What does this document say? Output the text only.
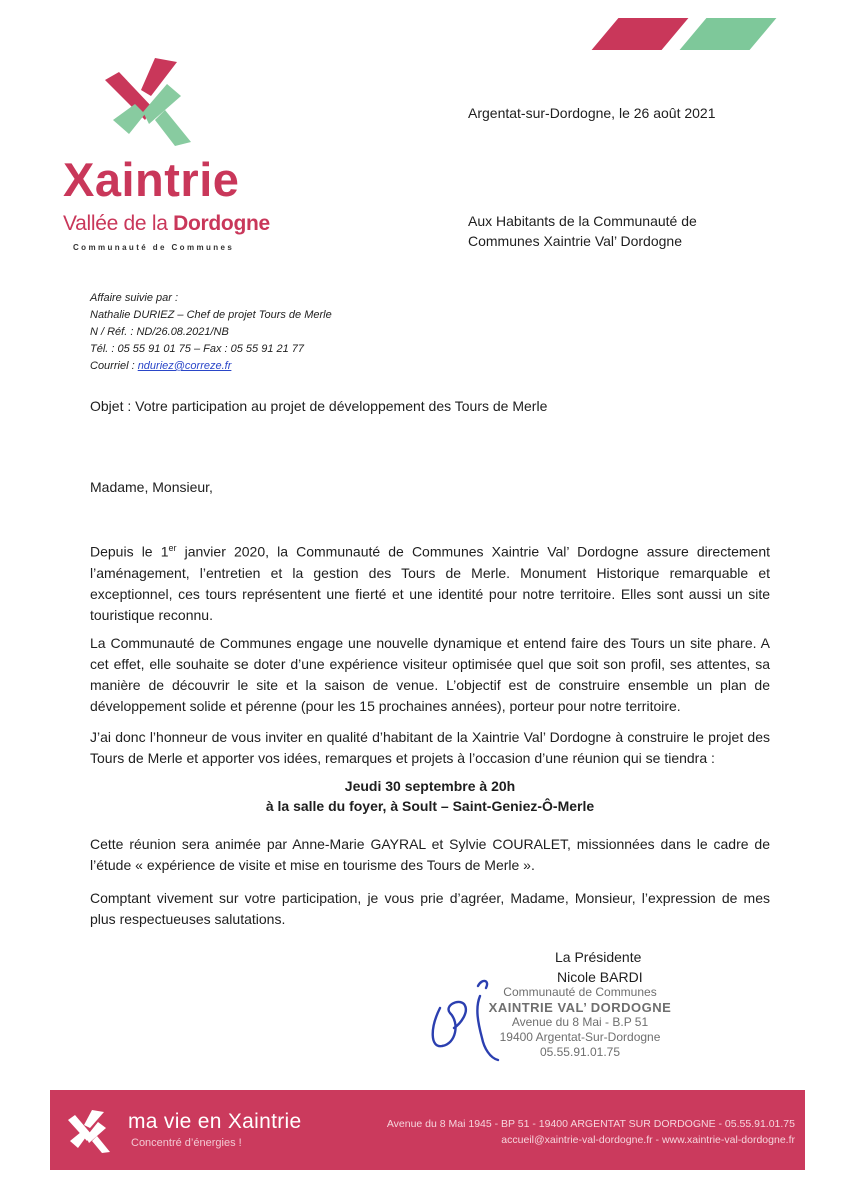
Xaintrie
Vallée de la Dordogne
Communauté de Communes
Argentat-sur-Dordogne, le 26 août 2021
Aux Habitants de la Communauté de
Communes Xaintrie Val’ Dordogne
Affaire suivie par :
Nathalie DURIEZ – Chef de projet Tours de Merle
N / Réf. : ND/26.08.2021/NB
Tél. : 05 55 91 01 75 – Fax : 05 55 91 21 77
Courriel : nduriez@correze.fr
Objet : Votre participation au projet de développement des Tours de Merle
Madame, Monsieur,
Depuis le 1er janvier 2020, la Communauté de Communes Xaintrie Val’ Dordogne assure directement l’aménagement, l’entretien et la gestion des Tours de Merle. Monument Historique remarquable et exceptionnel, ces tours représentent une fierté et une identité pour notre territoire. Elles sont aussi un site touristique reconnu.
La Communauté de Communes engage une nouvelle dynamique et entend faire des Tours un site phare. A cet effet, elle souhaite se doter d’une expérience visiteur optimisée quel que soit son profil, ses attentes, sa manière de découvrir le site et la saison de venue. L’objectif est de construire ensemble un plan de développement solide et pérenne (pour les 15 prochaines années), porteur pour notre territoire.
J’ai donc l’honneur de vous inviter en qualité d’habitant de la Xaintrie Val’ Dordogne à construire le projet des Tours de Merle et apporter vos idées, remarques et projets à l’occasion d’une réunion qui se tiendra :
Jeudi 30 septembre à 20h
à la salle du foyer, à Soult – Saint-Geniez-Ô-Merle
Cette réunion sera animée par Anne-Marie GAYRAL et Sylvie COURALET, missionnées dans le cadre de l’étude « expérience de visite et mise en tourisme des Tours de Merle ».
Comptant vivement sur votre participation, je vous prie d’agréer, Madame, Monsieur, l’expression de mes plus respectueuses salutations.
La Présidente
Nicole BARDI
Communauté de Communes
XAINTRIE VAL’ DORDOGNE
Avenue du 8 Mai - B.P 51
19400 Argentat-Sur-Dordogne
05.55.91.01.75
ma vie en Xaintrie
Concentré d’énergies !
Avenue du 8 Mai 1945 - BP 51 - 19400 ARGENTAT SUR DORDOGNE - 05.55.91.01.75
accueil@xaintrie-val-dordogne.fr - www.xaintrie-val-dordogne.fr
